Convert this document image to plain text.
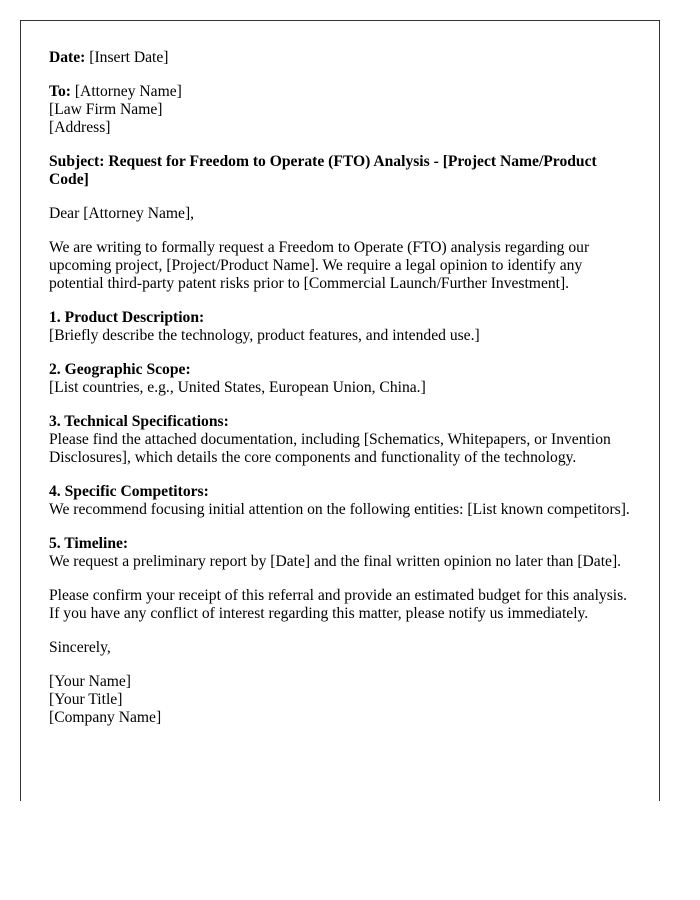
Date: [Insert Date]

To: [Attorney Name]
[Law Firm Name]
[Address]

Subject: Request for Freedom to Operate (FTO) Analysis - [Project Name/Product Code]

Dear [Attorney Name],

We are writing to formally request a Freedom to Operate (FTO) analysis regarding our upcoming project, [Project/Product Name]. We require a legal opinion to identify any potential third-party patent risks prior to [Commercial Launch/Further Investment].

1. Product Description:
[Briefly describe the technology, product features, and intended use.]
2. Geographic Scope:
[List countries, e.g., United States, European Union, China.]
3. Technical Specifications:
Please find the attached documentation, including [Schematics, Whitepapers, or Invention Disclosures], which details the core components and functionality of the technology.
4. Specific Competitors:
We recommend focusing initial attention on the following entities: [List known competitors].
5. Timeline:
We request a preliminary report by [Date] and the final written opinion no later than [Date].

Please confirm your receipt of this referral and provide an estimated budget for this analysis. If you have any conflict of interest regarding this matter, please notify us immediately.

Sincerely,

[Your Name]
[Your Title]
[Company Name]
